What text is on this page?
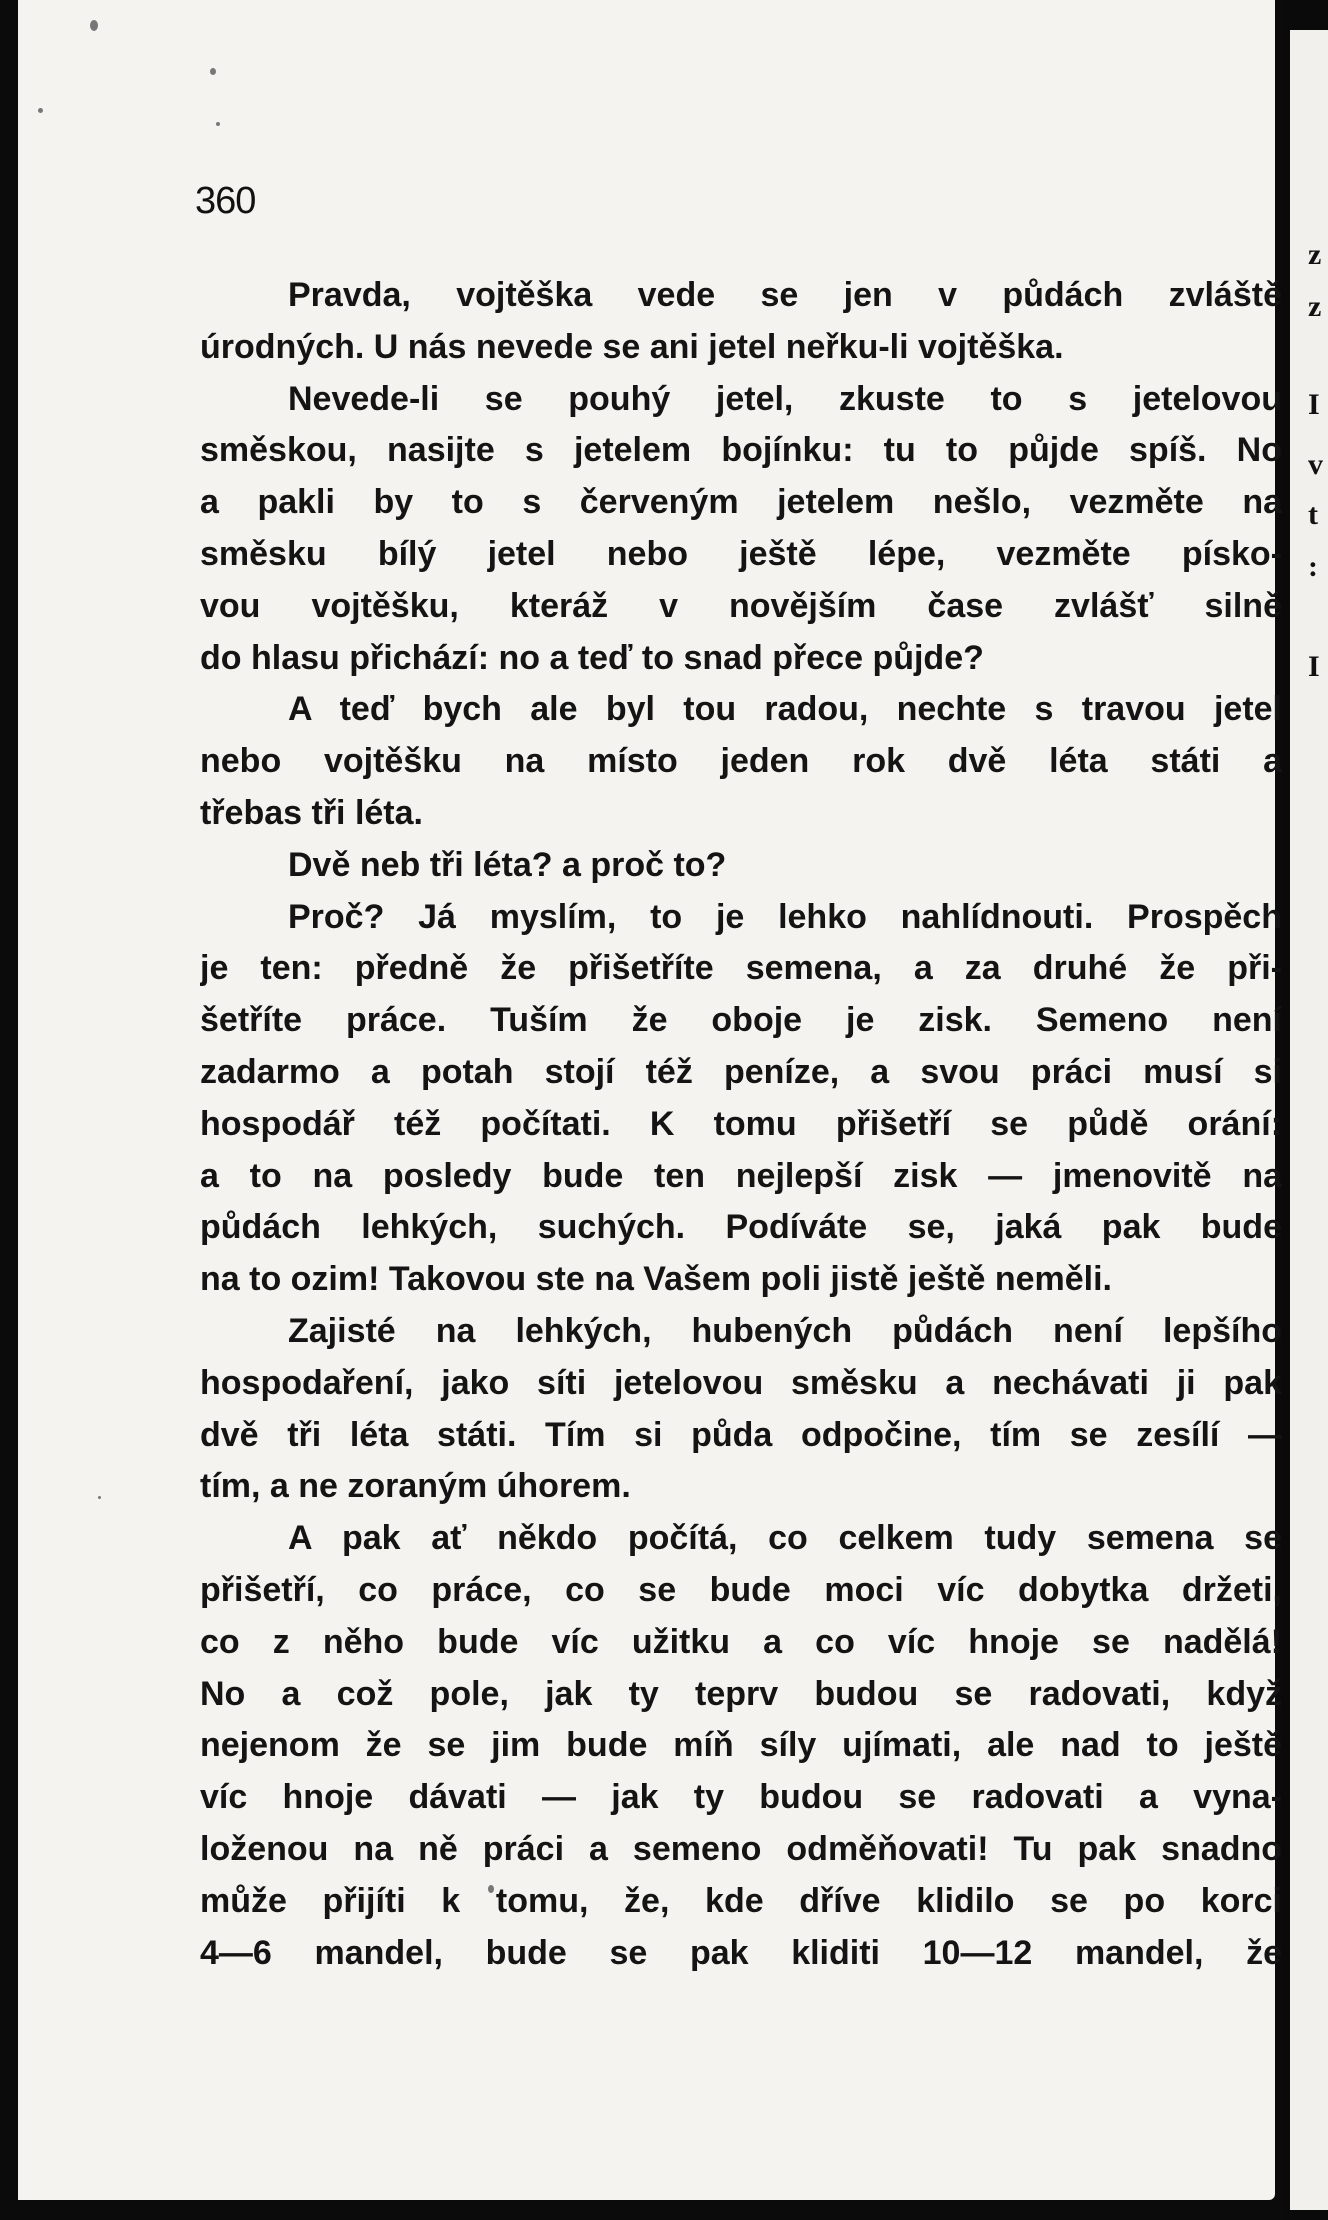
360
Pravda, vojtěška vede se jen v půdách zvláště
úrodných. U nás nevede se ani jetel neřku-li vojtěška.
Nevede-li se pouhý jetel, zkuste to s jetelovou
směskou, nasijte s jetelem bojínku: tu to půjde spíš. No
a pakli by to s červeným jetelem nešlo, vezměte na
směsku bílý jetel nebo ještě lépe, vezměte písko-
vou vojtěšku, kteráž v novějším čase zvlášť silně
do hlasu přichází: no a teď to snad přece půjde?
A teď bych ale byl tou radou, nechte s travou jetel
nebo vojtěšku na místo jeden rok dvě léta státi a
třebas tři léta.
Dvě neb tři léta? a proč to?
Proč? Já myslím, to je lehko nahlídnouti. Prospěch
je ten: předně že přišetříte semena, a za druhé že při-
šetříte práce. Tuším že oboje je zisk. Semeno není
zadarmo a potah stojí též peníze, a svou práci musí si
hospodář též počítati. K tomu přišetří se půdě orání:
a to na posledy bude ten nejlepší zisk — jmenovitě na
půdách lehkých, suchých. Podíváte se, jaká pak bude
na to ozim! Takovou ste na Vašem poli jistě ještě neměli.
Zajisté na lehkých, hubených půdách není lepšího
hospodaření, jako síti jetelovou směsku a nechávati ji pak
dvě tři léta státi. Tím si půda odpočine, tím se zesílí —
tím, a ne zoraným úhorem.
A pak ať někdo počítá, co celkem tudy semena se
přišetří, co práce, co se bude moci víc dobytka držeti,
co z něho bude víc užitku a co víc hnoje se nadělá!
No a což pole, jak ty teprv budou se radovati, když
nejenom že se jim bude míň síly ujímati, ale nad to ještě
víc hnoje dávati — jak ty budou se radovati a vyna-
loženou na ně práci a semeno odměňovati! Tu pak snadno
může přijíti k tomu, že, kde dříve klidilo se po korci
4—6 mandel, bude se pak kliditi 10—12 mandel, že
z
z
I
v
t
:
I
